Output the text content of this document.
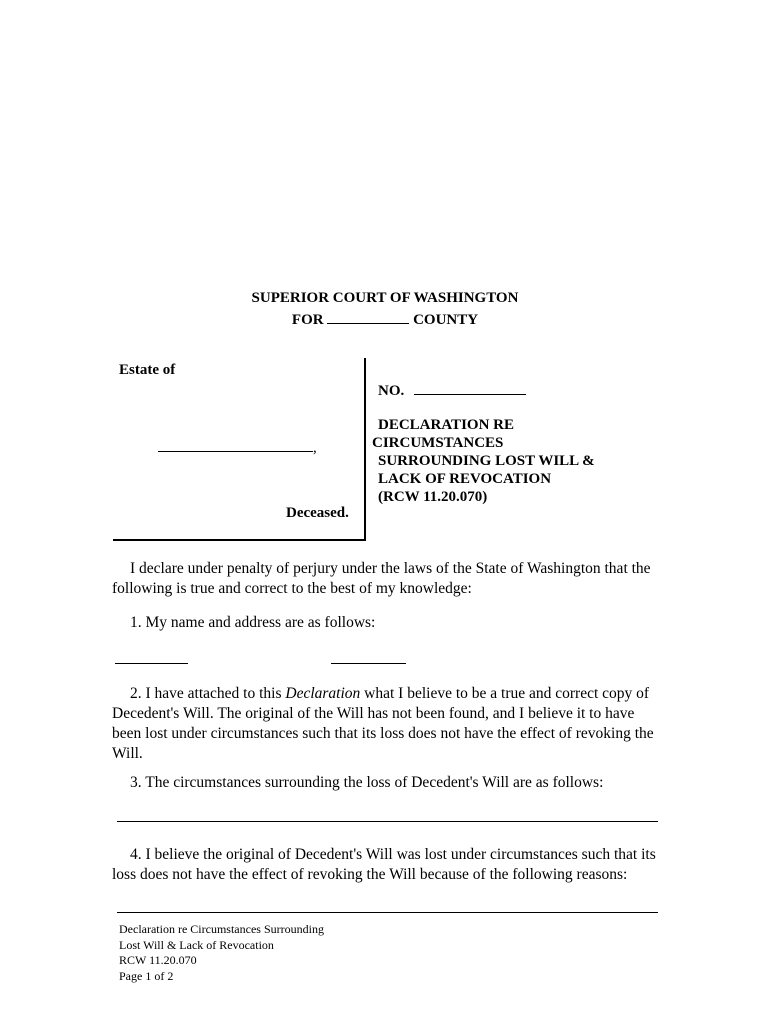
SUPERIOR COURT OF WASHINGTON
FOR	COUNTY
Estate of
,
Deceased.
NO.
DECLARATION RE
CIRCUMSTANCES
SURROUNDING LOST WILL &
LACK OF REVOCATION
(RCW 11.20.070)
I declare under penalty of perjury under the laws of the State of Washington that the
following is true and correct to the best of my knowledge:
1. My name and address are as follows:
2. I have attached to this Declaration what I believe to be a true and correct copy of
Decedent's Will. The original of the Will has not been found, and I believe it to have
been lost under circumstances such that its loss does not have the effect of revoking the
Will.
3. The circumstances surrounding the loss of Decedent's Will are as follows:
4. I believe the original of Decedent's Will was lost under circumstances such that its
loss does not have the effect of revoking the Will because of the following reasons:
Declaration re Circumstances Surrounding
Lost Will & Lack of Revocation
RCW 11.20.070
Page 1 of 2
